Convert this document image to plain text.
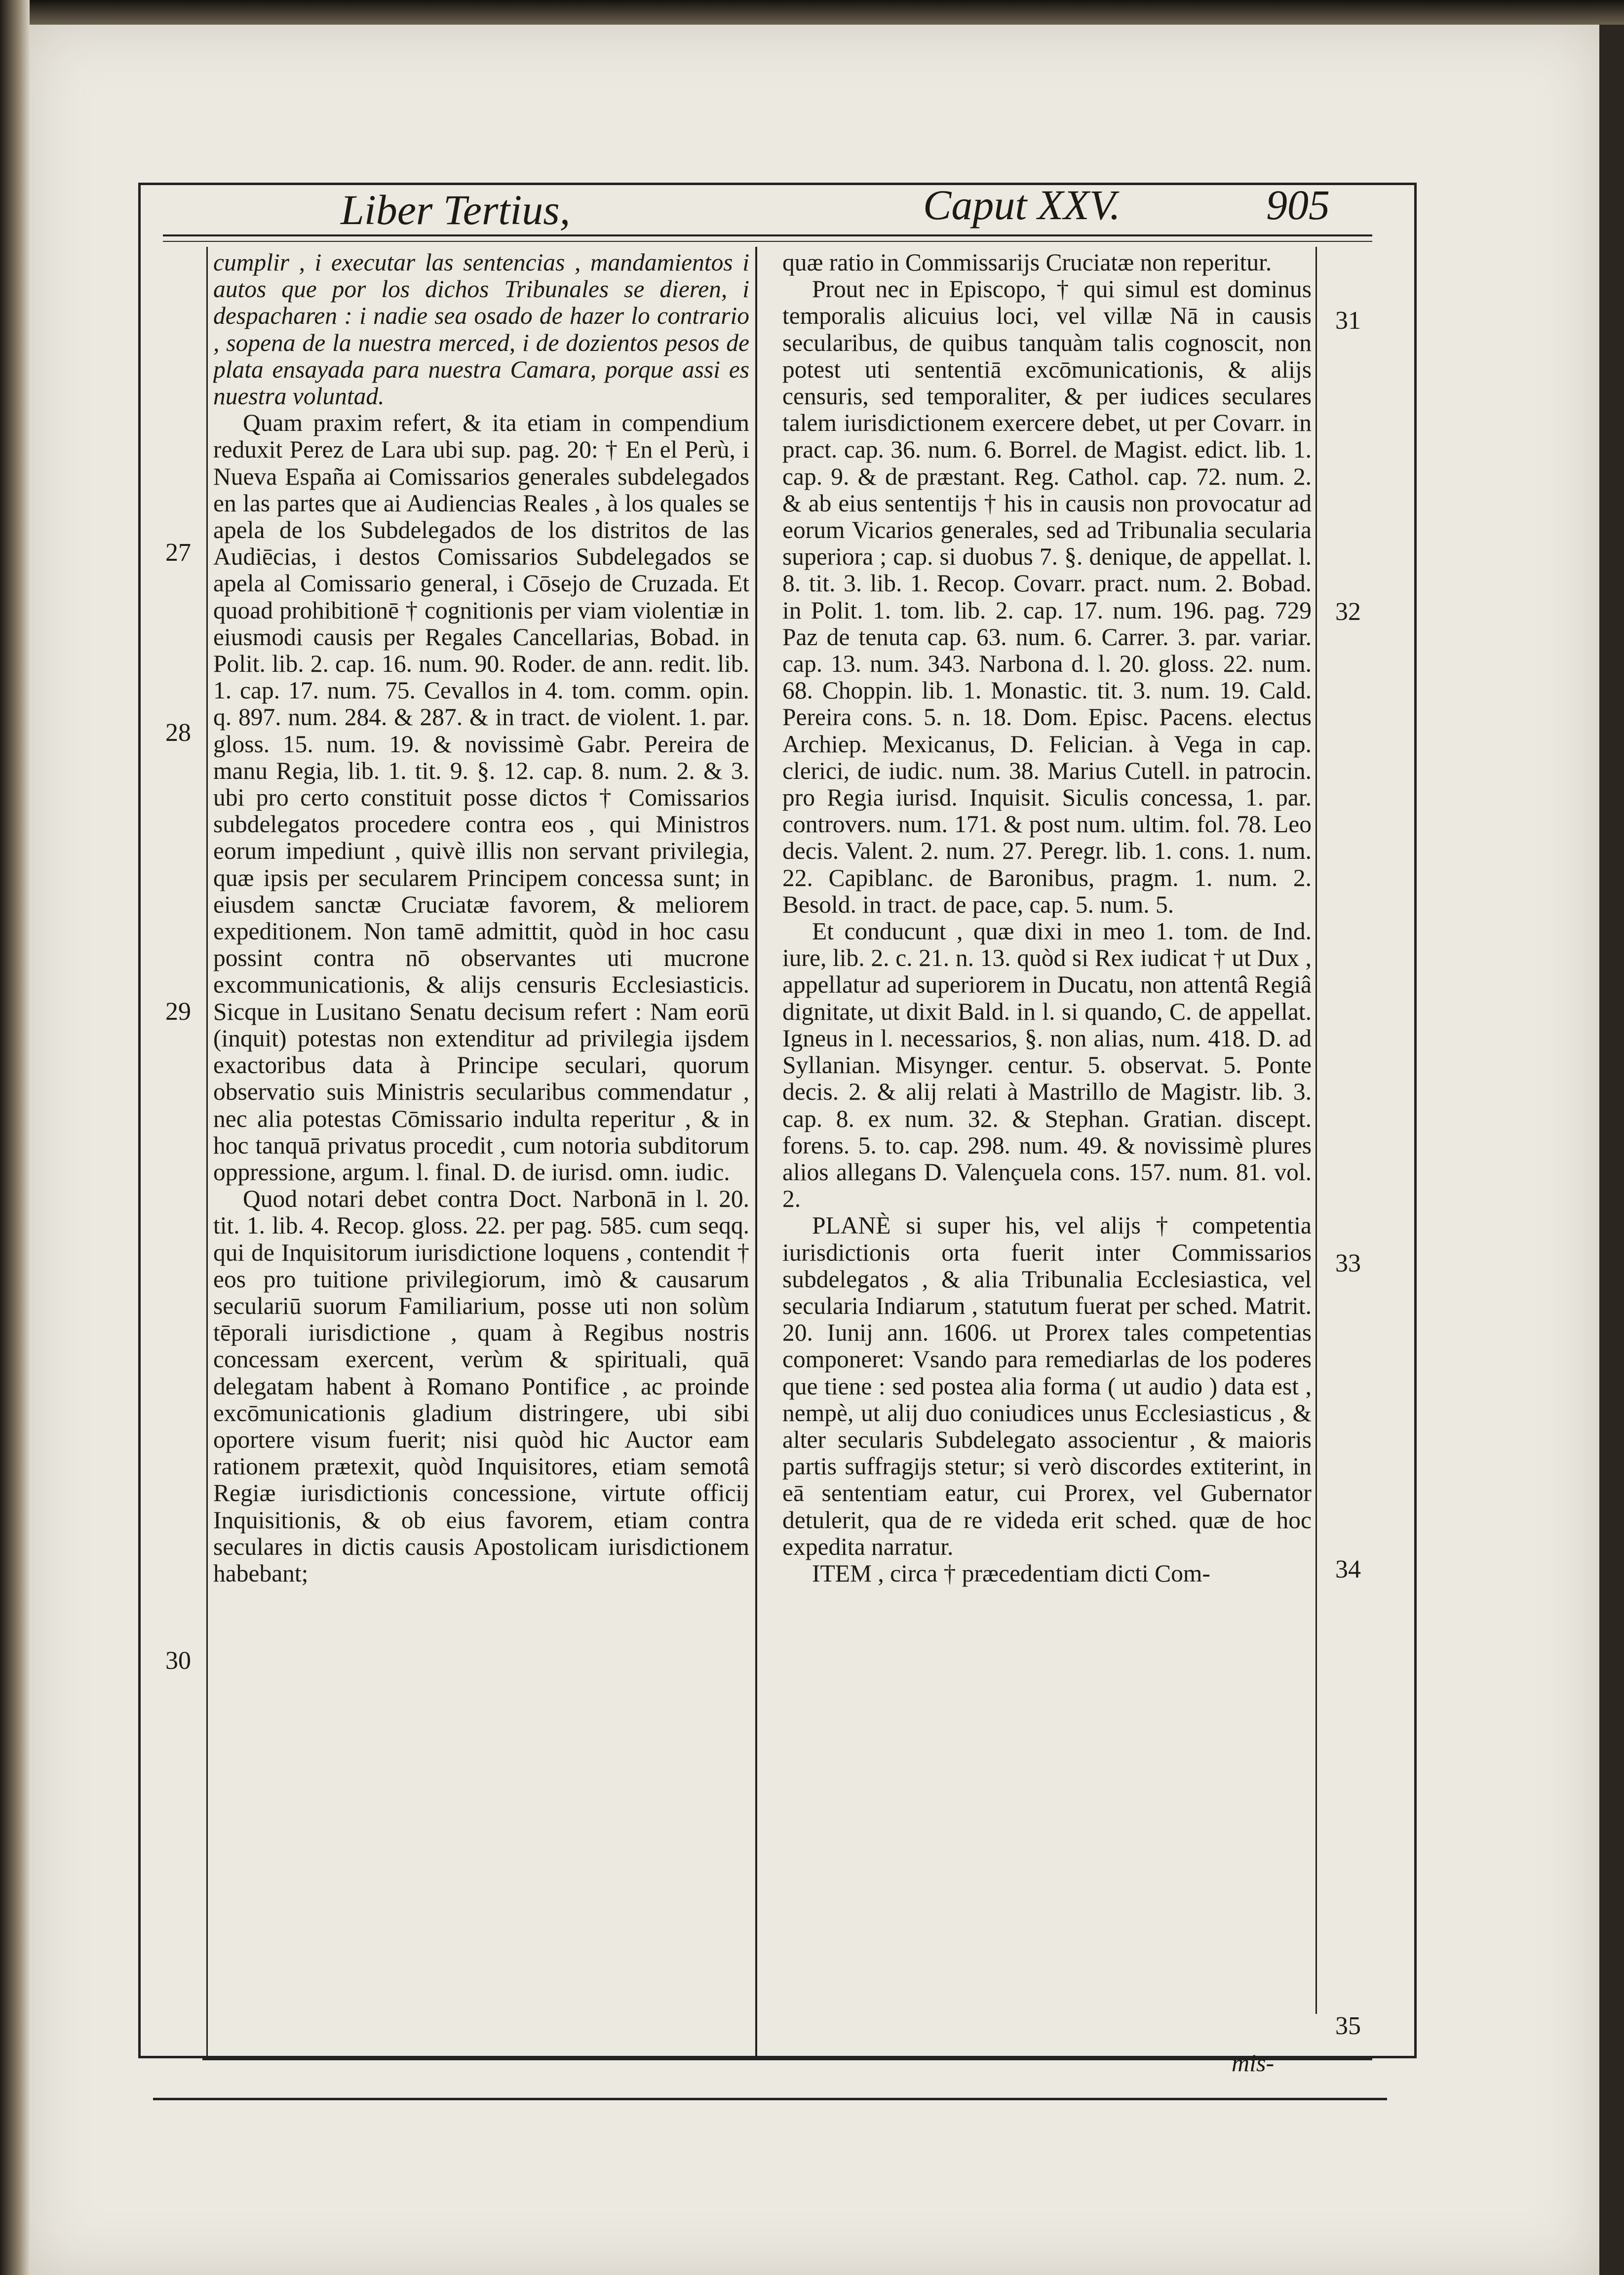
Liber Tertius,	Caput XXV.	905

cumplir , i executar las sentencias , mandamientos i autos que por los dichos Tribunales se dieren, i despacharen : i nadie sea osado de hazer lo contrario , sopena de la nuestra merced, i de dozientos pesos de plata ensayada para nuestra Camara, porque assi es nuestra voluntad.

Quam praxim refert, & ita etiam in compendium reduxit Perez de Lara ubi sup. pag. 20: † En el Perù, i Nueva España ai Comissarios generales subdelegados en las partes que ai Audiencias Reales , à los quales se apela de los Subdelegados de los distritos de las Audiēcias, i destos Comissarios Subdelegados se apela al Comissario general, i Cōsejo de Cruzada. Et quoad prohibitionē † cognitionis per viam violentiæ in eiusmodi causis per Regales Cancellarias, Bobad. in Polit. lib. 2. cap. 16. num. 90. Roder. de ann. redit. lib. 1. cap. 17. num. 75. Cevallos in 4. tom. comm. opin. q. 897. num. 284. & 287. & in tract. de violent. 1. par. gloss. 15. num. 19. & novissimè Gabr. Pereira de manu Regia, lib. 1. tit. 9. §. 12. cap. 8. num. 2. & 3. ubi pro certo constituit posse dictos † Comissarios subdelegatos procedere contra eos , qui Ministros eorum impediunt , quivè illis non servant privilegia, quæ ipsis per secularem Principem concessa sunt; in eiusdem sanctæ Cruciatæ favorem, & meliorem expeditionem. Non tamē admittit, quòd in hoc casu possint contra nō observantes uti mucrone excommunicationis, & alijs censuris Ecclesiasticis. Sicque in Lusitano Senatu decisum refert : Nam eorū (inquit) potestas non extenditur ad privilegia ijsdem exactoribus data à Principe seculari, quorum observatio suis Ministris secularibus commendatur , nec alia potestas Cōmissario indulta reperitur , & in hoc tanquā privatus procedit , cum notoria subditorum oppressione, argum. l. final. D. de iurisd. omn. iudic.

Quod notari debet contra Doct. Narbonā in l. 20. tit. 1. lib. 4. Recop. gloss. 22. per pag. 585. cum seqq. qui de Inquisitorum iurisdictione loquens , contendit † eos pro tuitione privilegiorum, imò & causarum seculariū suorum Familiarium, posse uti non solùm tēporali iurisdictione , quam à Regibus nostris concessam exercent, verùm & spirituali, quā delegatam habent à Romano Pontifice , ac proinde excōmunicationis gladium distringere, ubi sibi oportere visum fuerit; nisi quòd hic Auctor eam rationem prætexit, quòd Inquisitores, etiam semotâ Regiæ iurisdictionis concessione, virtute officij Inquisitionis, & ob eius favorem, etiam contra seculares in dictis causis Apostolicam iurisdictionem habebant;

quæ ratio in Commissarijs Cruciatæ non reperitur.

Prout nec in Episcopo, † qui simul est dominus temporalis alicuius loci, vel villæ Nā in causis secularibus, de quibus tanquàm talis cognoscit, non potest uti sententiā excōmunicationis, & alijs censuris, sed temporaliter, & per iudices seculares talem iurisdictionem exercere debet, ut per Covarr. in pract. cap. 36. num. 6. Borrel. de Magist. edict. lib. 1. cap. 9. & de præstant. Reg. Cathol. cap. 72. num. 2. & ab eius sententijs † his in causis non provocatur ad eorum Vicarios generales, sed ad Tribunalia secularia superiora ; cap. si duobus 7. §. denique, de appellat. l. 8. tit. 3. lib. 1. Recop. Covarr. pract. num. 2. Bobad. in Polit. 1. tom. lib. 2. cap. 17. num. 196. pag. 729 Paz de tenuta cap. 63. num. 6. Carrer. 3. par. variar. cap. 13. num. 343. Narbona d. l. 20. gloss. 22. num. 68. Choppin. lib. 1. Monastic. tit. 3. num. 19. Cald. Pereira cons. 5. n. 18. Dom. Episc. Pacens. electus Archiep. Mexicanus, D. Felician. à Vega in cap. clerici, de iudic. num. 38. Marius Cutell. in patrocin. pro Regia iurisd. Inquisit. Siculis concessa, 1. par. controvers. num. 171. & post num. ultim. fol. 78. Leo decis. Valent. 2. num. 27. Peregr. lib. 1. cons. 1. num. 22. Capiblanc. de Baronibus, pragm. 1. num. 2. Besold. in tract. de pace, cap. 5. num. 5.

Et conducunt , quæ dixi in meo 1. tom. de Ind. iure, lib. 2. c. 21. n. 13. quòd si Rex iudicat † ut Dux , appellatur ad superiorem in Ducatu, non attentâ Regiâ dignitate, ut dixit Bald. in l. si quando, C. de appellat. Igneus in l. necessarios, §. non alias, num. 418. D. ad Syllanian. Misynger. centur. 5. observat. 5. Ponte decis. 2. & alij relati à Mastrillo de Magistr. lib. 3. cap. 8. ex num. 32. & Stephan. Gratian. discept. forens. 5. to. cap. 298. num. 49. & novissimè plures alios allegans D. Valençuela cons. 157. num. 81. vol. 2.

PLANÈ si super his, vel alijs † competentia iurisdictionis orta fuerit inter Commissarios subdelegatos , & alia Tribunalia Ecclesiastica, vel secularia Indiarum , statutum fuerat per sched. Matrit. 20. Iunij ann. 1606. ut Prorex tales competentias componeret: Vsando para remediarlas de los poderes que tiene : sed postea alia forma ( ut audio ) data est , nempè, ut alij duo coniudices unus Ecclesiasticus , & alter secularis Subdelegato associentur , & maioris partis suffragijs stetur; si verò discordes extiterint, in eā sententiam eatur, cui Prorex, vel Gubernator detulerit, qua de re videda erit sched. quæ de hoc expedita narratur.

ITEM , circa † præcedentiam dicti Com-

27
28
29
30
31
32
33
34
35
mis-
